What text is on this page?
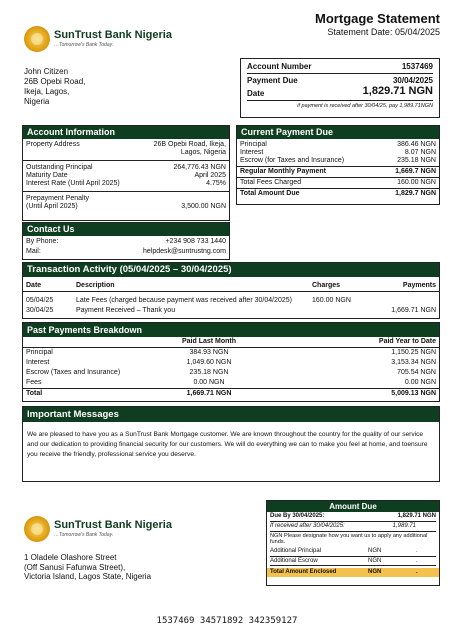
SunTrust Bank Nigeria
…Tomorrow's Bank Today.
Mortgage Statement
Statement Date: 05/04/2025
John Citizen
26B Opebi Road,
Ikeja, Lagos,
Nigeria
Account Number	1537469
Payment Due	30/04/2025
Date	1,829.71 NGN
if payment is received after 30/04/25, pay 1,989.71NGN
Account Information
Property Address	26B Opebi Road, Ikeja,
Lagos, Nigeria
Outstanding Principal	264,776.43 NGN
Maturity Date	April 2025
Interest Rate (Until April 2025)	4.75%
Prepayment Penalty
(Until April 2025)	3,500.00 NGN
Contact Us
By Phone:	+234 908 733 1440
Mail:	helpdesk@suntrustng.com
Current Payment Due
Principal	386.46 NGN
Interest	8.07 NGN
Escrow (for Taxes and Insurance)	235.18 NGN
Regular Monthly Payment	1,669.7 NGN
Total Fees Charged	160.00 NGN
Total Amount Due	1,829.7 NGN
Transaction Activity (05/04/2025 – 30/04/2025)
Date	Description	Charges	Payments

05/04/25	Late Fees (charged because payment was received after 30/04/2025)	160.00 NGN	
30/04/25	Payment Received – Thank you		1,669.71 NGN
Past Payments Breakdown
	Paid Last Month	Paid Year to Date
Principal	384.93 NGN	1,150.25 NGN
Interest	1,049.60 NGN	3,153.34 NGN
Escrow (Taxes and Insurance)	235.18 NGN	705.54 NGN
Fees	0.00 NGN	0.00 NGN
Total	1,669.71 NGN	5,009.13 NGN
Important Messages
We are pleased to have you as a SunTrust Bank Mortgage customer. We are known throughout the country for the quality of our service and our dedication to providing financial security for our customers. We will do everything we can to make you feel at home, and toensure you receive the friendly, professional service you deserve.
SunTrust Bank Nigeria
…Tomorrow's Bank Today.
1 Oladele Olashore Street
(Off Sanusi Fafunwa Street),
Victoria Island, Lagos State, Nigeria
Amount Due
Due By 30/04/2025:	1,829.71 NGN
If received after 30/04/2025:	1,989.71
NGN Please designate how you want us to apply any additional funds.
Additional Principal	NGN	.
Additional Escrow	NGN	.
Total Amount Enclosed	NGN	.
1537469 34571892 342359127
